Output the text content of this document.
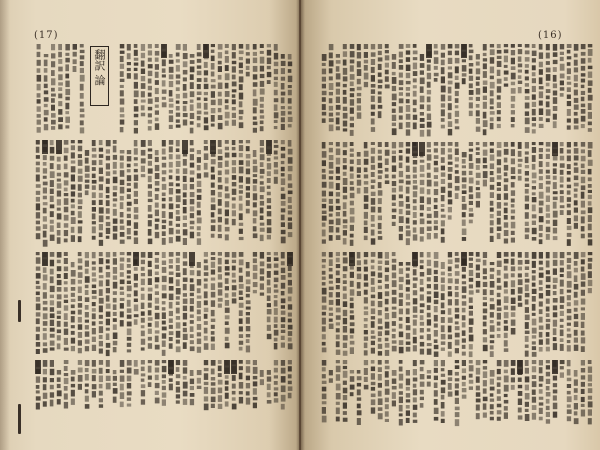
(17)	(16)
翻訳 論
